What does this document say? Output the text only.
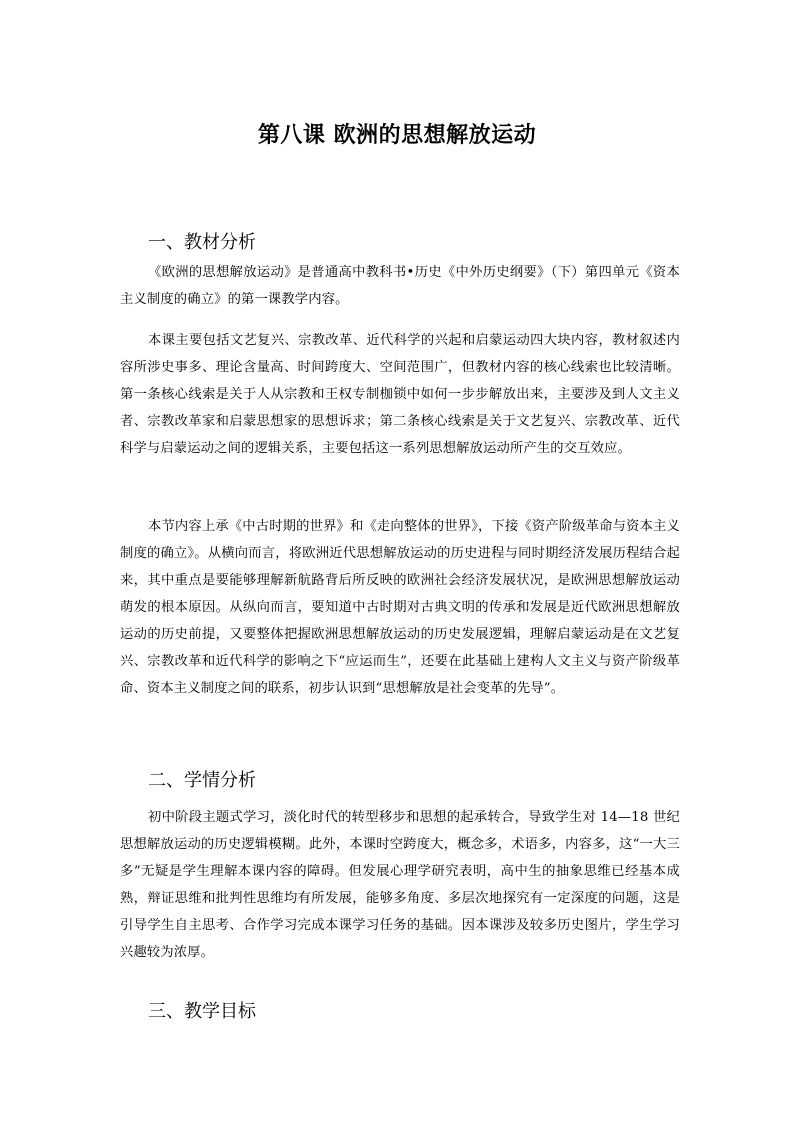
第八课 欧洲的思想解放运动
一、教材分析
《欧洲的思想解放运动》是普通高中教科书•历史《中外历史纲要》（下）第四单元《资本主义制度的确立》的第一课教学内容。
本课主要包括文艺复兴、宗教改革、近代科学的兴起和启蒙运动四大块内容，教材叙述内容所涉史事多、理论含量高、时间跨度大、空间范围广，但教材内容的核心线索也比较清晰。第一条核心线索是关于人从宗教和王权专制枷锁中如何一步步解放出来，主要涉及到人文主义者、宗教改革家和启蒙思想家的思想诉求；第二条核心线索是关于文艺复兴、宗教改革、近代科学与启蒙运动之间的逻辑关系，主要包括这一系列思想解放运动所产生的交互效应。
本节内容上承《中古时期的世界》和《走向整体的世界》，下接《资产阶级革命与资本主义制度的确立》。从横向而言，将欧洲近代思想解放运动的历史进程与同时期经济发展历程结合起来，其中重点是要能够理解新航路背后所反映的欧洲社会经济发展状况，是欧洲思想解放运动萌发的根本原因。从纵向而言，要知道中古时期对古典文明的传承和发展是近代欧洲思想解放运动的历史前提，又要整体把握欧洲思想解放运动的历史发展逻辑，理解启蒙运动是在文艺复兴、宗教改革和近代科学的影响之下“应运而生”，还要在此基础上建构人文主义与资产阶级革命、资本主义制度之间的联系，初步认识到“思想解放是社会变革的先导”。
二、学情分析
初中阶段主题式学习，淡化时代的转型移步和思想的起承转合，导致学生对 14—18 世纪思想解放运动的历史逻辑模糊。此外，本课时空跨度大，概念多，术语多，内容多，这“一大三多”无疑是学生理解本课内容的障碍。但发展心理学研究表明，高中生的抽象思维已经基本成熟，辩证思维和批判性思维均有所发展，能够多角度、多层次地探究有一定深度的问题，这是引导学生自主思考、合作学习完成本课学习任务的基础。因本课涉及较多历史图片，学生学习兴趣较为浓厚。
三、教学目标
